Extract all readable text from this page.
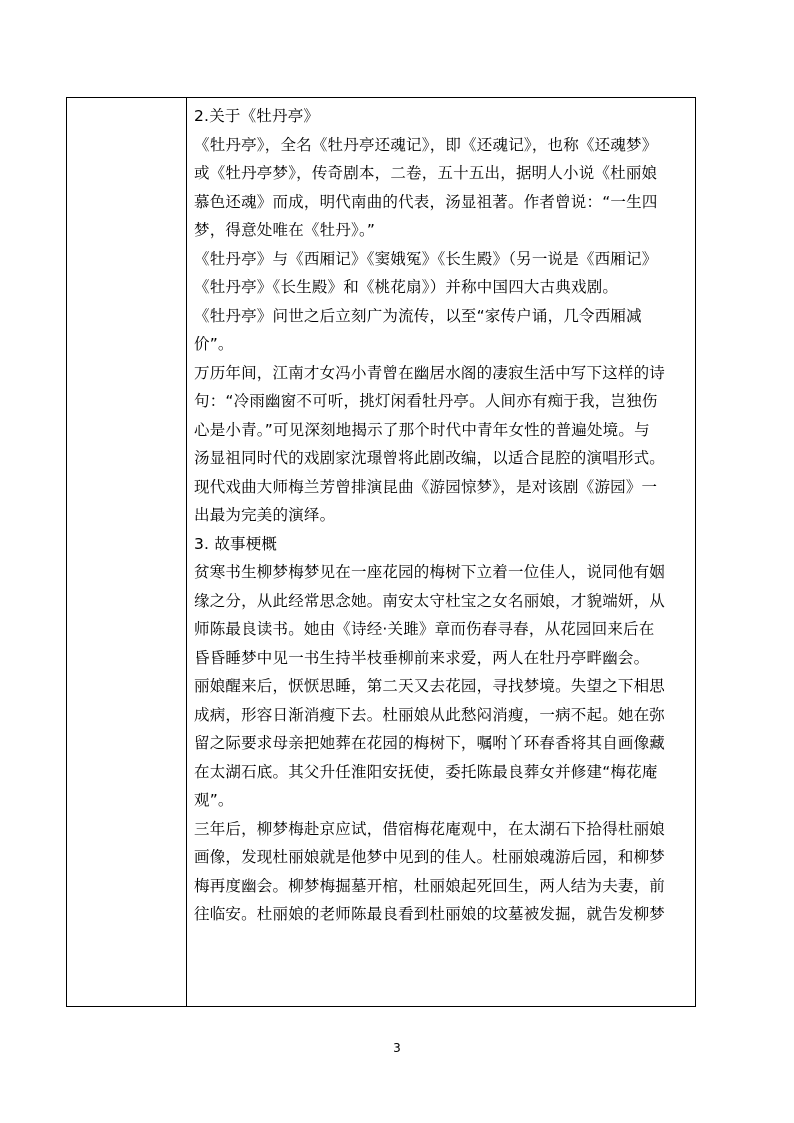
2.关于《牡丹亭》
《牡丹亭》，全名《牡丹亭还魂记》，即《还魂记》，也称《还魂梦》
或《牡丹亭梦》，传奇剧本，二卷，五十五出，据明人小说《杜丽娘
慕色还魂》而成，明代南曲的代表，汤显祖著。作者曾说：“一生四
梦，得意处唯在《牡丹》。”
《牡丹亭》与《西厢记》《窦娥冤》《长生殿》（另一说是《西厢记》
《牡丹亭》《长生殿》和《桃花扇》）并称中国四大古典戏剧。
《牡丹亭》问世之后立刻广为流传，以至“家传户诵，几令西厢减
价”。
万历年间，江南才女冯小青曾在幽居水阁的凄寂生活中写下这样的诗
句：“冷雨幽窗不可听，挑灯闲看牡丹亭。人间亦有痴于我，岂独伤
心是小青。”可见深刻地揭示了那个时代中青年女性的普遍处境。与
汤显祖同时代的戏剧家沈璟曾将此剧改编，以适合昆腔的演唱形式。
现代戏曲大师梅兰芳曾排演昆曲《游园惊梦》，是对该剧《游园》一
出最为完美的演绎。
3. 故事梗概
贫寒书生柳梦梅梦见在一座花园的梅树下立着一位佳人，说同他有姻
缘之分，从此经常思念她。南安太守杜宝之女名丽娘，才貌端妍，从
师陈最良读书。她由《诗经·关雎》章而伤春寻春，从花园回来后在
昏昏睡梦中见一书生持半枝垂柳前来求爱，两人在牡丹亭畔幽会。
丽娘醒来后，恹恹思睡，第二天又去花园，寻找梦境。失望之下相思
成病，形容日渐消瘦下去。杜丽娘从此愁闷消瘦，一病不起。她在弥
留之际要求母亲把她葬在花园的梅树下，嘱咐丫环春香将其自画像藏
在太湖石底。其父升任淮阳安抚使，委托陈最良葬女并修建“梅花庵
观”。
三年后，柳梦梅赴京应试，借宿梅花庵观中，在太湖石下拾得杜丽娘
画像，发现杜丽娘就是他梦中见到的佳人。杜丽娘魂游后园，和柳梦
梅再度幽会。柳梦梅掘墓开棺，杜丽娘起死回生，两人结为夫妻，前
往临安。杜丽娘的老师陈最良看到杜丽娘的坟墓被发掘，就告发柳梦
3
